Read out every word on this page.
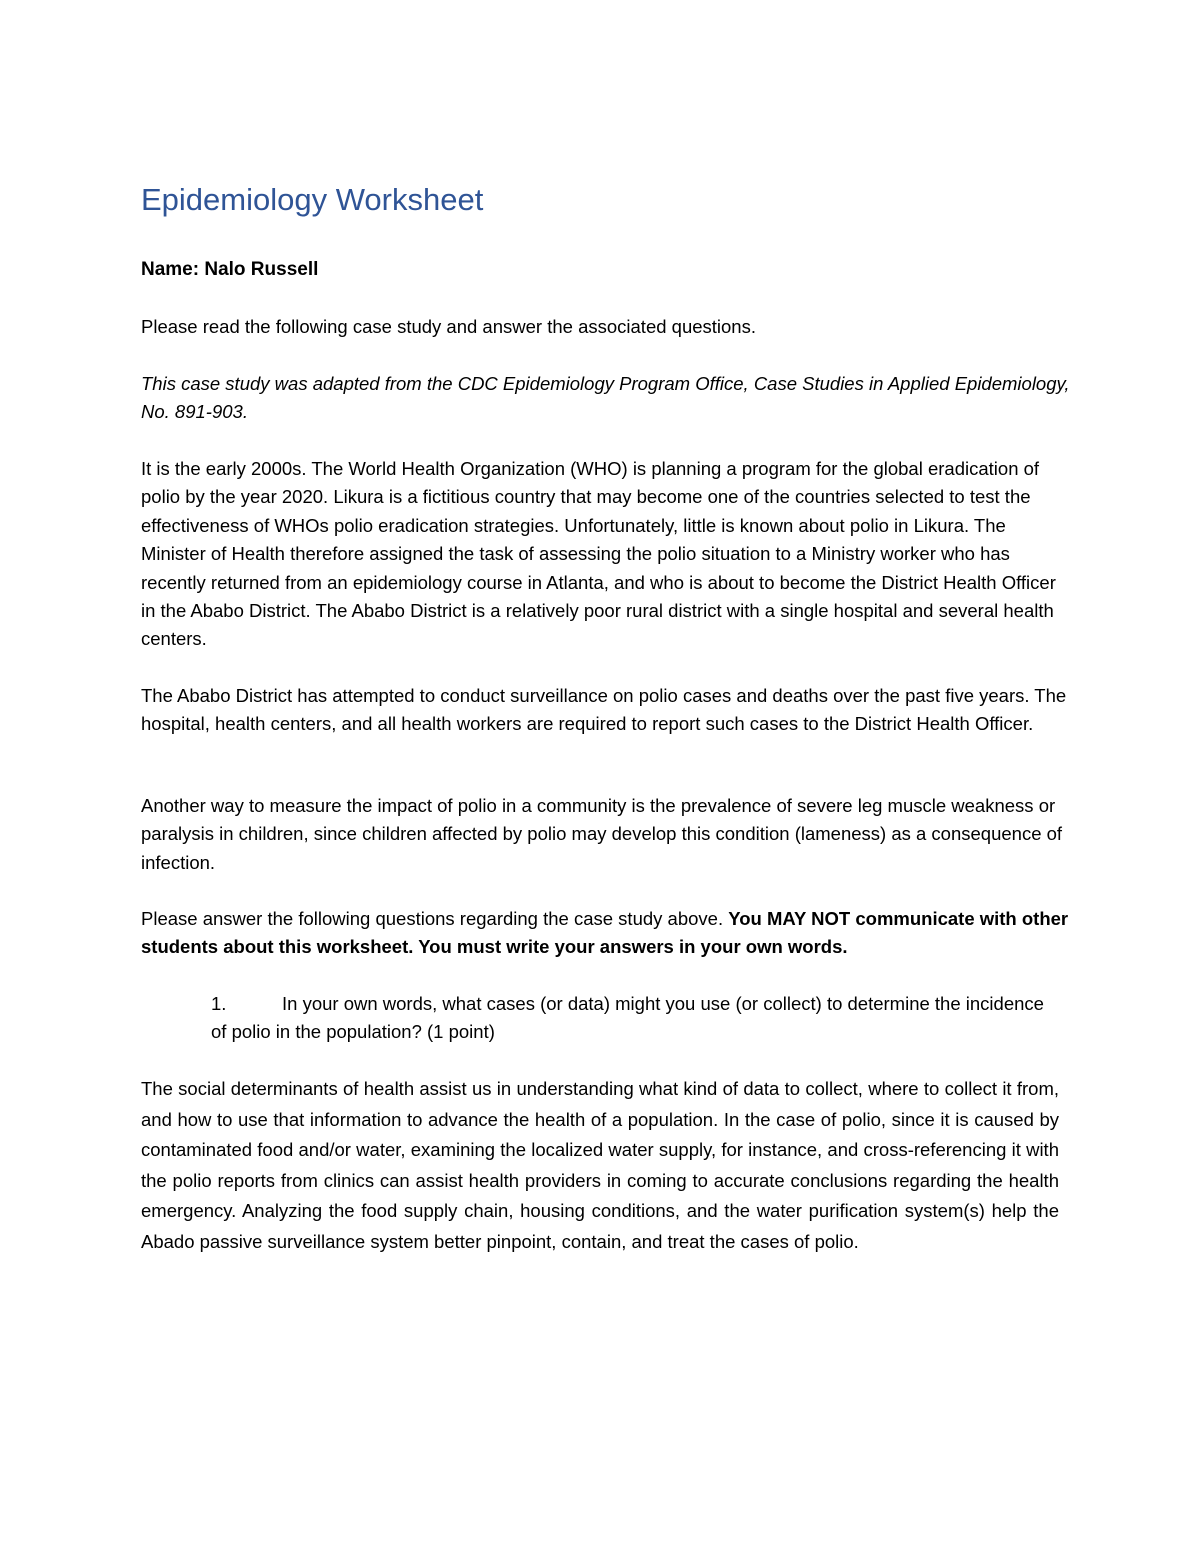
Epidemiology Worksheet

Name: Nalo Russell

Please read the following case study and answer the associated questions.

This case study was adapted from the CDC Epidemiology Program Office, Case Studies in Applied Epidemiology, No. 891-903.

It is the early 2000s. The World Health Organization (WHO) is planning a program for the global eradication of polio by the year 2020. Likura is a fictitious country that may become one of the countries selected to test the effectiveness of WHOs polio eradication strategies. Unfortunately, little is known about polio in Likura. The Minister of Health therefore assigned the task of assessing the polio situation to a Ministry worker who has recently returned from an epidemiology course in Atlanta, and who is about to become the District Health Officer in the Ababo District. The Ababo District is a relatively poor rural district with a single hospital and several health centers.

The Ababo District has attempted to conduct surveillance on polio cases and deaths over the past five years. The hospital, health centers, and all health workers are required to report such cases to the District Health Officer.

Another way to measure the impact of polio in a community is the prevalence of severe leg muscle weakness or paralysis in children, since children affected by polio may develop this condition (lameness) as a consequence of infection.

Please answer the following questions regarding the case study above. You MAY NOT communicate with other students about this worksheet. You must write your answers in your own words.

1.	In your own words, what cases (or data) might you use (or collect) to determine the incidence of polio in the population? (1 point)

The social determinants of health assist us in understanding what kind of data to collect, where to collect it from, and how to use that information to advance the health of a population. In the case of polio, since it is caused by contaminated food and/or water, examining the localized water supply, for instance, and cross-referencing it with the polio reports from clinics can assist health providers in coming to accurate conclusions regarding the health emergency. Analyzing the food supply chain, housing conditions, and the water purification system(s) help the Abado passive surveillance system better pinpoint, contain, and treat the cases of polio.
